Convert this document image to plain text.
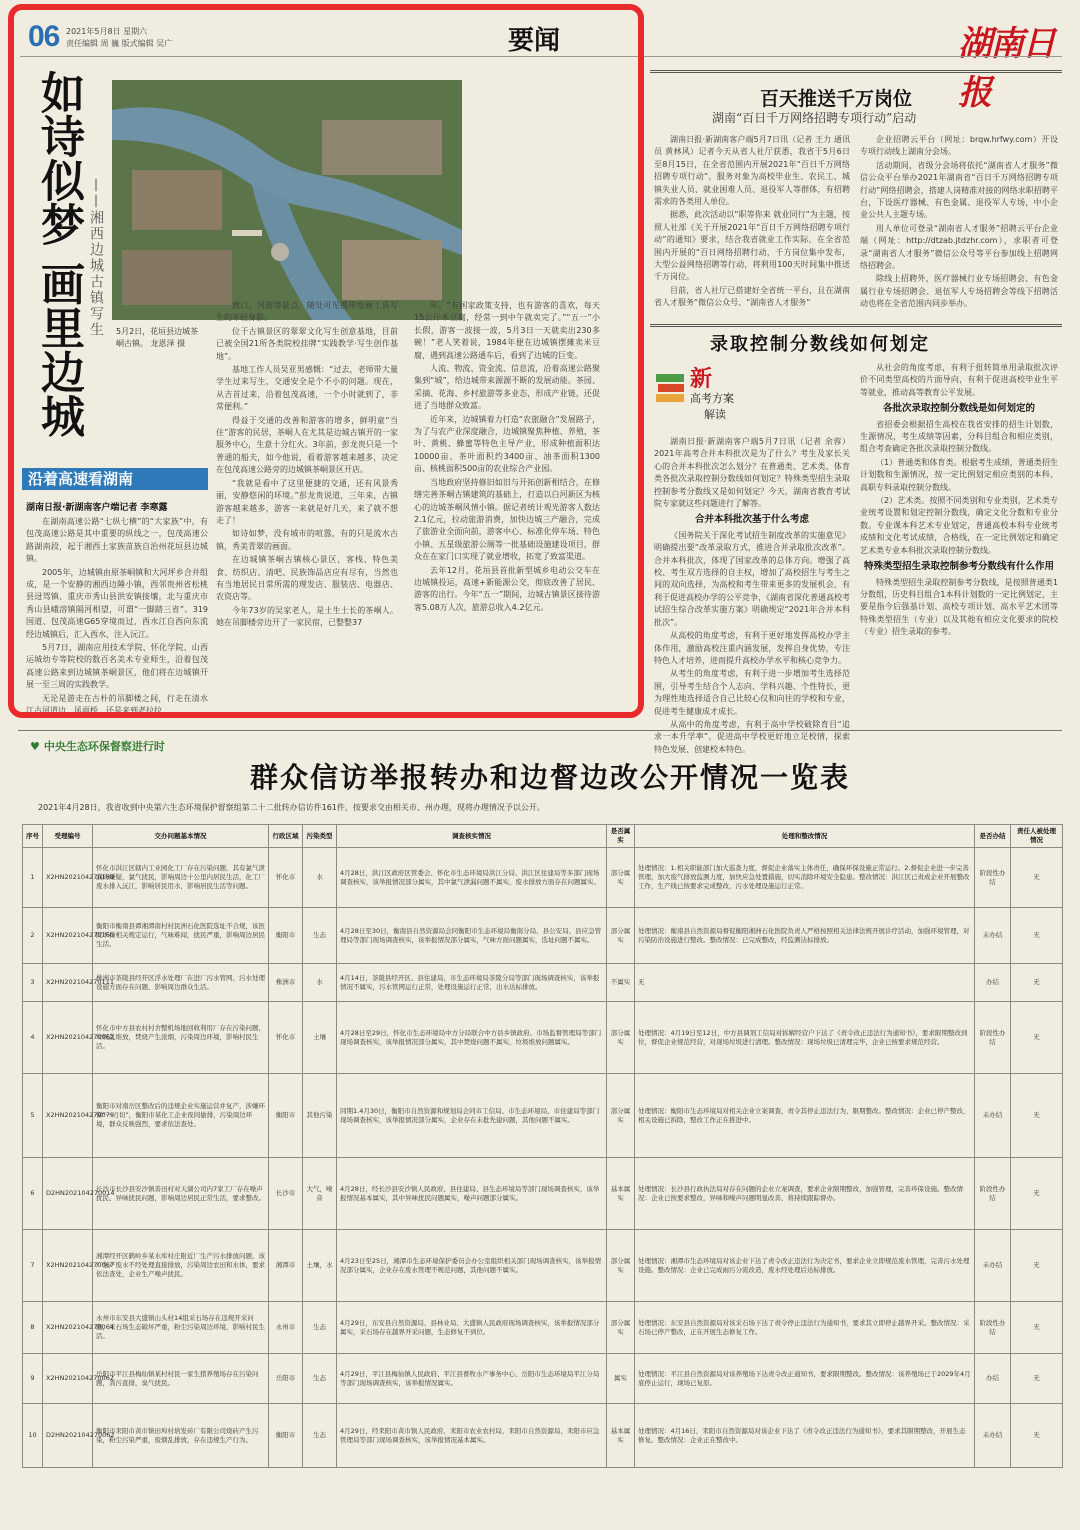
06 2021年5月8日 星期六
责任编辑 周 巍 版式编辑 吴广	要闻	湖南日报
如诗似梦 画里边城 ——湘西边城古镇写生 5月2日，花垣县边城茶峒古镇。 龙恩泽 摄
沿着高速看湖南
湖南日报·新湖南客户端记者 李寒露

在湖南高速公路“七纵七横”的“大家族”中，有包茂高速公路是其中重要的纵线之一，包茂高速公路湖南段，起于湘西土家族苗族自治州花垣县边城镇。

2005年，边城镇由原茶峒镇和大河坪乡合并组成，是一个安静的湘西边陲小镇，西邻贵州省松桃县迓驾镇、重庆市秀山县洪安镇接壤，北与重庆市秀山县峨溶镇隔河相望，可谓“一脚踏三省”。319国道、包茂高速G65穿境而过，酉水江自西向东流经边城镇后，汇入西水，注入沅江。

5月7日，湖南应用技术学院、怀化学院、山西运城幼专等院校的数百名美术专业师生，沿着包茂高速公路来到边城镇茶峒景区，他们将在边城镇开展一至三周的实践教学。

无论是游走在古朴的吊脚楼之间，行走在清水江古河道边、风雨桥，还是来到老拉拉

渡口、河街等景点，随处可见携带绘画工具写生的年轻身影。

位于古镇景区的翠翠文化写生创意基地，目前已被全国21所各类院校挂牌“实践教学·写生创作基地”。

基地工作人员吴亚男感慨：“过去，老师带大量学生过来写生，交通安全是个不小的问题。现在，从吉首过来，沿着包茂高速，一个小时就到了，非常便利。”

得益于交通的改善和游客的增多，鲜明童“当住”游客的民居，茶峒人在尤其是边城古镇开的一家服务中心，生意十分红火。3年前，彭龙贵只是一个普通的船夫，如今他说，看着游客越来越多，决定在包茂高速公路旁的边城镇茶峒景区开店。

“我就是看中了这里便捷的交通，还有风景秀丽，安静悠闲的环境。”彭龙贵说道，三年来，古镇游客越来越多，游客一来就是好几天，来了就不想走了！

如诗如梦，没有城市的喧嚣，有的只是流水古镇，秀美青翠的画面。

在边城镇茶峒古镇核心景区，客栈、特色美食、纺织店、清吧、民族饰品店应有尽有，当然也有当地居民日常所需的理发店、服装店、电器店、农资店等。

今年73岁的吴家老人，是土生土长的茶峒人。她在吊脚楼旁边开了一家民宿，已整整37

年。“有国家政策支持，也有游客的喜欢，每天15公斤米豆腐，经常一到中午就卖完了。”“五一”小长假，游客一波接一波，5月3日一天就卖出230多碗！”老人笑着说，1984年便在边城镇摆摊卖米豆腐，遇到高速公路通车后，看到了边城的巨变。

人流、物流、资金流、信息流，沿着高速公路聚集到“城”，给边城带来源源不断的发展动能。茶园、采摘、花海、乡村旅游等多业态，形成产业链，还促进了当地群众致富。

近年来，边城镇着力打造“农旅融合”发展路子，为了与农产业深度融合，边城镇聚焦种植、养殖，茶叶、黄桃、蜂蜜等特色主导产业，形成种植面积达10000亩、茶叶面积约3400亩、油茶面积1300亩、核桃面积500亩的农业综合产业园。

当地政府坚持修旧如旧与开拓创新相结合，在修缮完善茶峒古镇建筑的基础上，打造以白河新区为核心的边城茶峒风情小镇。据记者统计观光游客人数达2.1亿元，拉动旅游消费，加快边城三产融合，完成了旅游业全面向前，游客中心、标准化停车场、特色小镇、五星级旅游公厕等一批基础设施建设项目，群众在在家门口实现了就业增收，拓宽了致富渠道。

去年12月，花垣县首批新型城乡电动公交车在边城镇投运，高速+新能源公交，彻底改善了居民、游客的出行。今年“五一”期间，边城古镇景区接待游客5.08万人次，旅游总收入4.2亿元。

百天推送千万岗位
湖南“百日千万网络招聘专项行动”启动

湖南日报·新湖南客户端5月7日讯（记者 王力 通讯员 黄林风）记者今天从省人社厅获悉，我省于5月6日至8月15日，在全省范围内开展2021年“百日千万网络招聘专项行动”，服务对象为高校毕业生、农民工、城镇失业人员、就业困难人员、退役军人等群体，有招聘需求的各类用人单位。

据悉，此次活动以“职等你来 就业同行”为主题，按照人社部《关于开展2021年“百日千万网络招聘专项行动”的通知》要求，结合我省就业工作实际，在全省范围内开展的“百日网络招聘行动，千方岗位集中发布，大型公益网络招聘等行动，将利用100天时间集中推送千万岗位。

目前，省人社厅已搭建好全省统一平台，且在湖南省人才服务“微信公众号、“湖南省人才服务”

企业招聘云平台（网址：brqw.hrfwy.com）开设专项行动线上湖南分会场。

活动期间，省级分会场将依托“湖南省人才服务”微信公众平台举办2021年湖南省“百日千万网络招聘专项行动”网络招聘会，搭建人岗精准对接的网络求职招聘平台，下设医疗器械、有色金属、退役军人专场，中小企业公共人主题专场。

用人单位可登录“湖南省人才服务”招聘云平台企业端（网址：http://dtzab.jtdzhr.com），求职者可登录“湖南省人才服务”微信公众号等平台参加线上招聘网络招聘会。

除线上招聘外，医疗器械行业专场招聘会、有色金属行业专场招聘会、退伍军人专场招聘会等线下招聘活动也将在全省范围内同步举办。

录取控制分数线如何划定
新
高考方案
解读

湖南日报·新湖南客户端5月7日讯（记者 余蓉）2021年高考合并本科批次是为了什么？考生及家长关心的合并本科批次怎么划分？在普通类、艺术类、体育类各批次录取控制分数线如何划定？特殊类型招生录取控制参考分数线又是如何划定？今天，湖南省教育考试院专家就这些问题进行了解答。

合并本科批次基于什么考虑

《国务院关于深化考试招生制度改革的实施意见》明确提出要“改革录取方式，推进合并录取批次改革”。合并本科批次，体现了国家改革的总体方向。增强了高校、考生双方选择的自主权，增加了高校招生与考生之间的双向选择，为高校和考生带来更多的发展机会，有利于促进高校办学的公平竞争，《湖南省深化普通高校考试招生综合改革实施方案》明确规定“2021年合并本科批次”。

从高校的角度考虑，有利于更好地发挥高校办学主体作用，激励高校注重内涵发展，发挥自身优势，专注特色人才培养，进而提升高校办学水平和核心竞争力。

从考生的角度考虑，有利于进一步增加考生选择范围，引导考生结合个人志向、学科兴趣、个性特长，更为理性地选择适合自己比较心仪和向往的学校和专业，促进考生健康成才成长。

从高中的角度考虑，有利于高中学校破除育目“追求一本升学率”，促进高中学校更好地立足校情，探索特色发展、创建校本特色。

从社会的角度考虑，有利于扭转简单用录取批次评价不同类型高校的片面导向，有利于促进高校毕业生平等就业，推动高等教育公平发展。

各批次录取控制分数线是如何划定的

省招委会根据招生高校在我省安排的招生计划数，生源情况，考生成绩等因素，分科目组合和相应类别，组合考查确定各批次录取控制分数线。

（1）普通类和体育类。根据考生成绩，普通类招生计划数和生源情况，按一定比例划定相应类别的本科、高职专科录取控制分数线。

（2）艺术类。按照不同类别和专业类别，艺术类专业统考设置和划定控制分数线，确定文化分数和专业分数。专业课本科艺术专业划定，普通高校本科专业统考成绩和文化考试成绩，合格线，在一定比例划定和确定艺术类专业本科批次录取控制分数线。

特殊类型招生录取控制参考分数线有什么作用

特殊类型招生录取控制参考分数线，是按照普通类1分数组，历史科目组合1本科计划数的一定比例划定，主要是指今后强基计划、高校专项计划、高水平艺术团等特殊类型招生（专业）以及其他有相应文化要求的院校（专业）招生录取的参考。

♥ 中央生态环保督察进行时
群众信访举报转办和边督边改公开情况一览表
2021年4月28日，我省收到中央第六生态环境保护督察组第二十二批转办信访件161件，按要求交由相关市、州办理，现将办理情况予以公开。
序号	受理编号	交办问题基本情况	行政区域	污染类型	调查核实情况	是否属实	处理和整改情况	是否办结	责任人被处理情况
1	X2HN202104270169	怀化市洪江区辖内工业园化工厂存在污染问题，其有氯气泄漏的嫌疑，氯气扰民，影响周边十公里内居民生活，化工厂废水排入沅江，影响居民用水，影响居民生活等问题。	怀化市	水	4月28日，洪江区政府区管委会、怀化市生态环境局洪江分局、洪江区住建局等多部门现场调查核实，该举报情况部分属实，其中氯气泄漏问题不属实，废水排放方面存在问题属实。	部分属实	处理情况：1.相关职能部门加大巡查力度，督促企业落实主体责任，确保环保设施正常运行。2.督促企业进一步完善管理，加大废气排放监测力度，加快应急处置措施，切实消除环境安全隐患。整改情况：洪江区已责成企业开展整改工作，生产线已按要求完成整改，污水处理设施运行正常。	阶段性办结	无
2	X2HN202104270160	衡阳市衡南县谭湘潭南村村民洲石化医院选址不合规，该医院不按相关规定运行，气味难闻，扰民严重，影响周边居民生活。	衡阳市	生态	4月28日至30日，衡南县自然资源局会同衡阳市生态环境局衡南分局、县公安局、县应急管理局等部门现场调查核实，该举报情况部分属实，气味方面问题属实，选址问题不属实。	部分属实	处理情况：衡南县自然资源局督促衡阳湘洲石化医院负责人严格按照相关法律法规开展诊疗活动，加强环境管理，对污染防治设施进行整改。整改情况：已完成整改，经监测达标排放。	未办结	无
3	X2HN202104270111	株洲市茶陵县经开区浮水处理厂在进厂污水管网、污水处理设施方面存在问题，影响周边群众生活。	株洲市	水	4月14日，茶陵县经开区、县住建局、市生态环境局茶陵分局等部门现场调查核实，该举报情况不属实，污水管网运行正常，处理设施运行正常，出水达标排放。	不属实	无	办结	无
4	X2HN202104270062	怀化市中方县农村村舍整机场地回收利用厂存在污染问题，垃圾乱堆放，焚烧产生浓烟，污染周边环境，影响村民生活。	怀化市	土壤	4月28日至29日，怀化市生态环境局中方分局联合中方县乡镇政府、市场监督管理局等部门现场调查核实，该举报情况部分属实，其中焚烧问题不属实，垃圾堆放问题属实。	部分属实	处理情况：4月19日至12日，中方县调剂工信局对拆解经营户下达了《责令改正违法行为通知书》，要求限期整改到位，督促企业规范经营，对现场垃圾进行清理。整改情况：现场垃圾已清理完毕，企业已按要求规范经营。	阶段性办结	无
5	X2HN202104270079	衡阳市对南岳区整改后的违规企业实施运营并复产，涉嫌环保“一刀切”，衡阳市某化工企业夜间偷排，污染周边环境，群众反映强烈，要求依法查处。	衡阳市	其他污染	同期1.4月30日，衡阳市自然资源和规划局会同市工信局、市生态环境局、市住建局等部门现场调查核实，该举报情况部分属实，企业存在未批先建问题，其他问题不属实。	部分属实	处理情况：衡阳市生态环境局对相关企业立案调查，责令其停止违法行为，限期整改。整改情况：企业已停产整改，相关设施已拆除，整改工作正在推进中。	未办结	无
6	D2HN202104270014	长沙市长沙县安沙镇善田村对天湖公司内7家工厂存在噪声扰民、异味扰民问题，影响周边居民正常生活，要求整改。	长沙市	大气，噪音	4月28日，经长沙县安沙镇人民政府、县住建局、县生态环境局等部门现场调查核实，该举报情况基本属实，其中异味扰民问题属实，噪声问题部分属实。	基本属实	处理情况：长沙县行政执法局对存在问题的企业立案调查，要求企业限期整改，加强管理，完善环保设施。整改情况：企业已按要求整改，异味和噪声问题明显改善，将持续跟踪督办。	阶段性办结	无
7	X2HN202104270067	湘潭经开区鹤岭乡某水库村庄附近厂生产污水排放问题，该厂生产废水不经处理直接排放，污染周边农田和水体，要求依法查处，企业生产噪声扰民。	湘潭市	土壤，水	4月23日至25日，湘潭市生态环境保护委员会办公室组织相关部门现场调查核实，该举报情况部分属实，企业存在废水管理不规范问题，其他问题不属实。	部分属实	处理情况：湘潭市生态环境局对该企业下达了责令改正违法行为决定书，要求企业立即规范废水管理，完善污水处理设施。整改情况：企业已完成雨污分流改造，废水经处理后达标排放。	未办结	无
8	X2HN202104270064	永州市东安县大盛镇山头村14组采石场存在违规开采问题，采石场生态破坏严重，粉尘污染周边环境，影响村民生活。	永州市	生态	4月29日，东安县自然资源局、县林业局、大盛镇人民政府现场调查核实，该举报情况部分属实，采石场存在越界开采问题，生态修复不到位。	部分属实	处理情况：东安县自然资源局对该采石场下达了责令停止违法行为通知书，要求其立即停止越界开采。整改情况：采石场已停产整改，正在开展生态修复工作。	阶段性办结	无
9	X2HN202104270062	岳阳市平江县梅仙镇某村村民一家生猪养殖场存在污染问题，粪污直排，臭气扰民。	岳阳市	生态	4月29日，平江县梅仙镇人民政府、平江县畜牧水产事务中心、岳阳市生态环境局平江分局等部门现场调查核实，该举报情况属实。	属实	处理情况：平江县自然资源局对该养殖场下达责令改正通知书，要求限期整改。整改情况：该养殖场已于2029年4月底停止运行，现场已复原。	办结	无
10	D2HN202104270062	衡阳市耒阳市黄市镇田埠村培发砖厂有限公司烧砖产生污染，粉尘污染严重，废烟乱排放，存在违规生产行为。	衡阳市	生态	4月29日，经耒阳市黄市镇人民政府、耒阳市农业农村局、耒阳市自然资源局、耒阳市应急管理局等部门现场调查核实，该举报情况基本属实。	基本属实	处理情况：4月16日，耒阳市自然资源局对该企业下达了《责令改正违法行为通知书》，要求其限期整改，开展生态修复。整改情况：企业正在整改中。	未办结	无
